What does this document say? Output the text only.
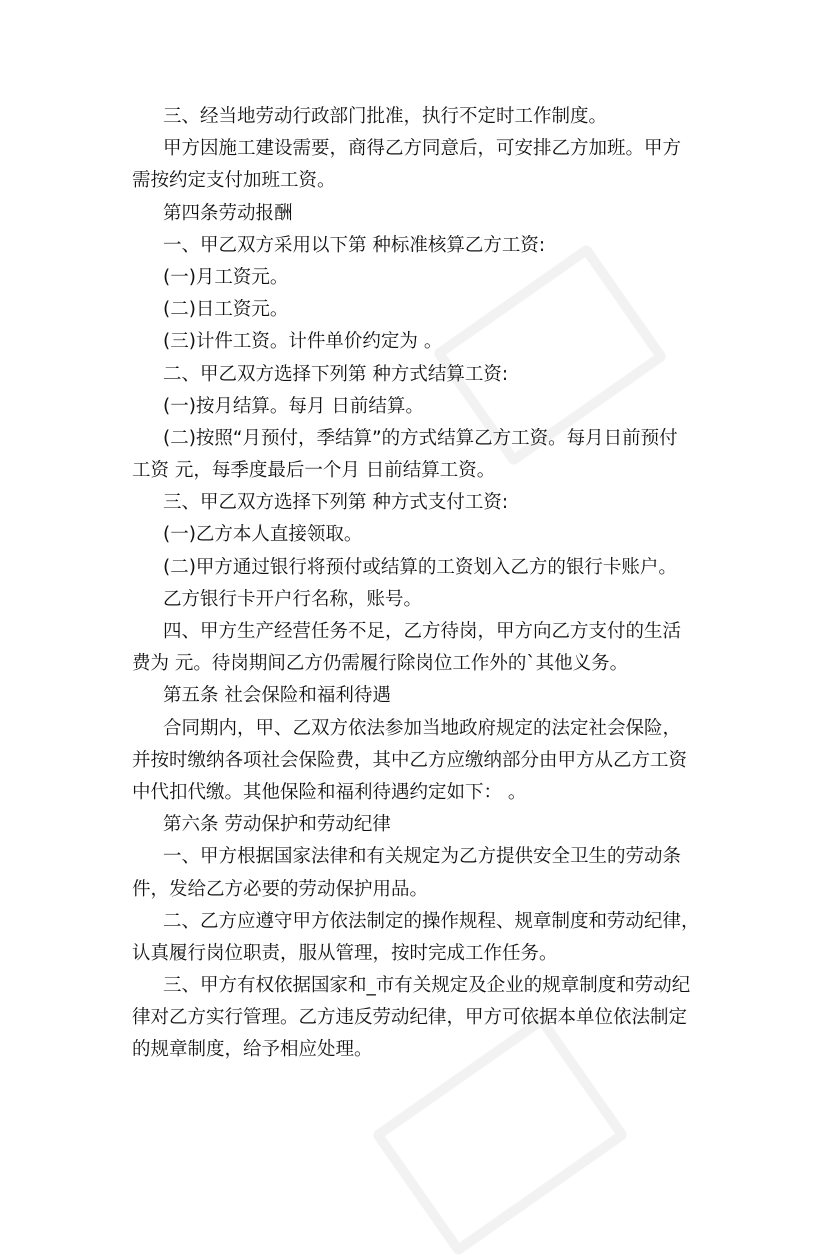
三、经当地劳动行政部门批准，执行不定时工作制度。
甲方因施工建设需要，商得乙方同意后，可安排乙方加班。甲方
需按约定支付加班工资。
第四条劳动报酬
一、甲乙双方采用以下第 种标准核算乙方工资:
(一)月工资元。
(二)日工资元。
(三)计件工资。计件单价约定为 。
二、甲乙双方选择下列第 种方式结算工资:
(一)按月结算。每月 日前结算。
(二)按照“月预付，季结算”的方式结算乙方工资。每月日前预付
工资 元，每季度最后一个月 日前结算工资。
三、甲乙双方选择下列第 种方式支付工资:
(一)乙方本人直接领取。
(二)甲方通过银行将预付或结算的工资划入乙方的银行卡账户。
乙方银行卡开户行名称，账号。
四、甲方生产经营任务不足，乙方待岗，甲方向乙方支付的生活
费为 元。待岗期间乙方仍需履行除岗位工作外的`其他义务。
第五条 社会保险和福利待遇
合同期内，甲、乙双方依法参加当地政府规定的法定社会保险，
并按时缴纳各项社会保险费，其中乙方应缴纳部分由甲方从乙方工资
中代扣代缴。其他保险和福利待遇约定如下： 。
第六条 劳动保护和劳动纪律
一、甲方根据国家法律和有关规定为乙方提供安全卫生的劳动条
件，发给乙方必要的劳动保护用品。
二、乙方应遵守甲方依法制定的操作规程、规章制度和劳动纪律，
认真履行岗位职责，服从管理，按时完成工作任务。
三、甲方有权依据国家和_市有关规定及企业的规章制度和劳动纪
律对乙方实行管理。乙方违反劳动纪律，甲方可依据本单位依法制定
的规章制度，给予相应处理。
